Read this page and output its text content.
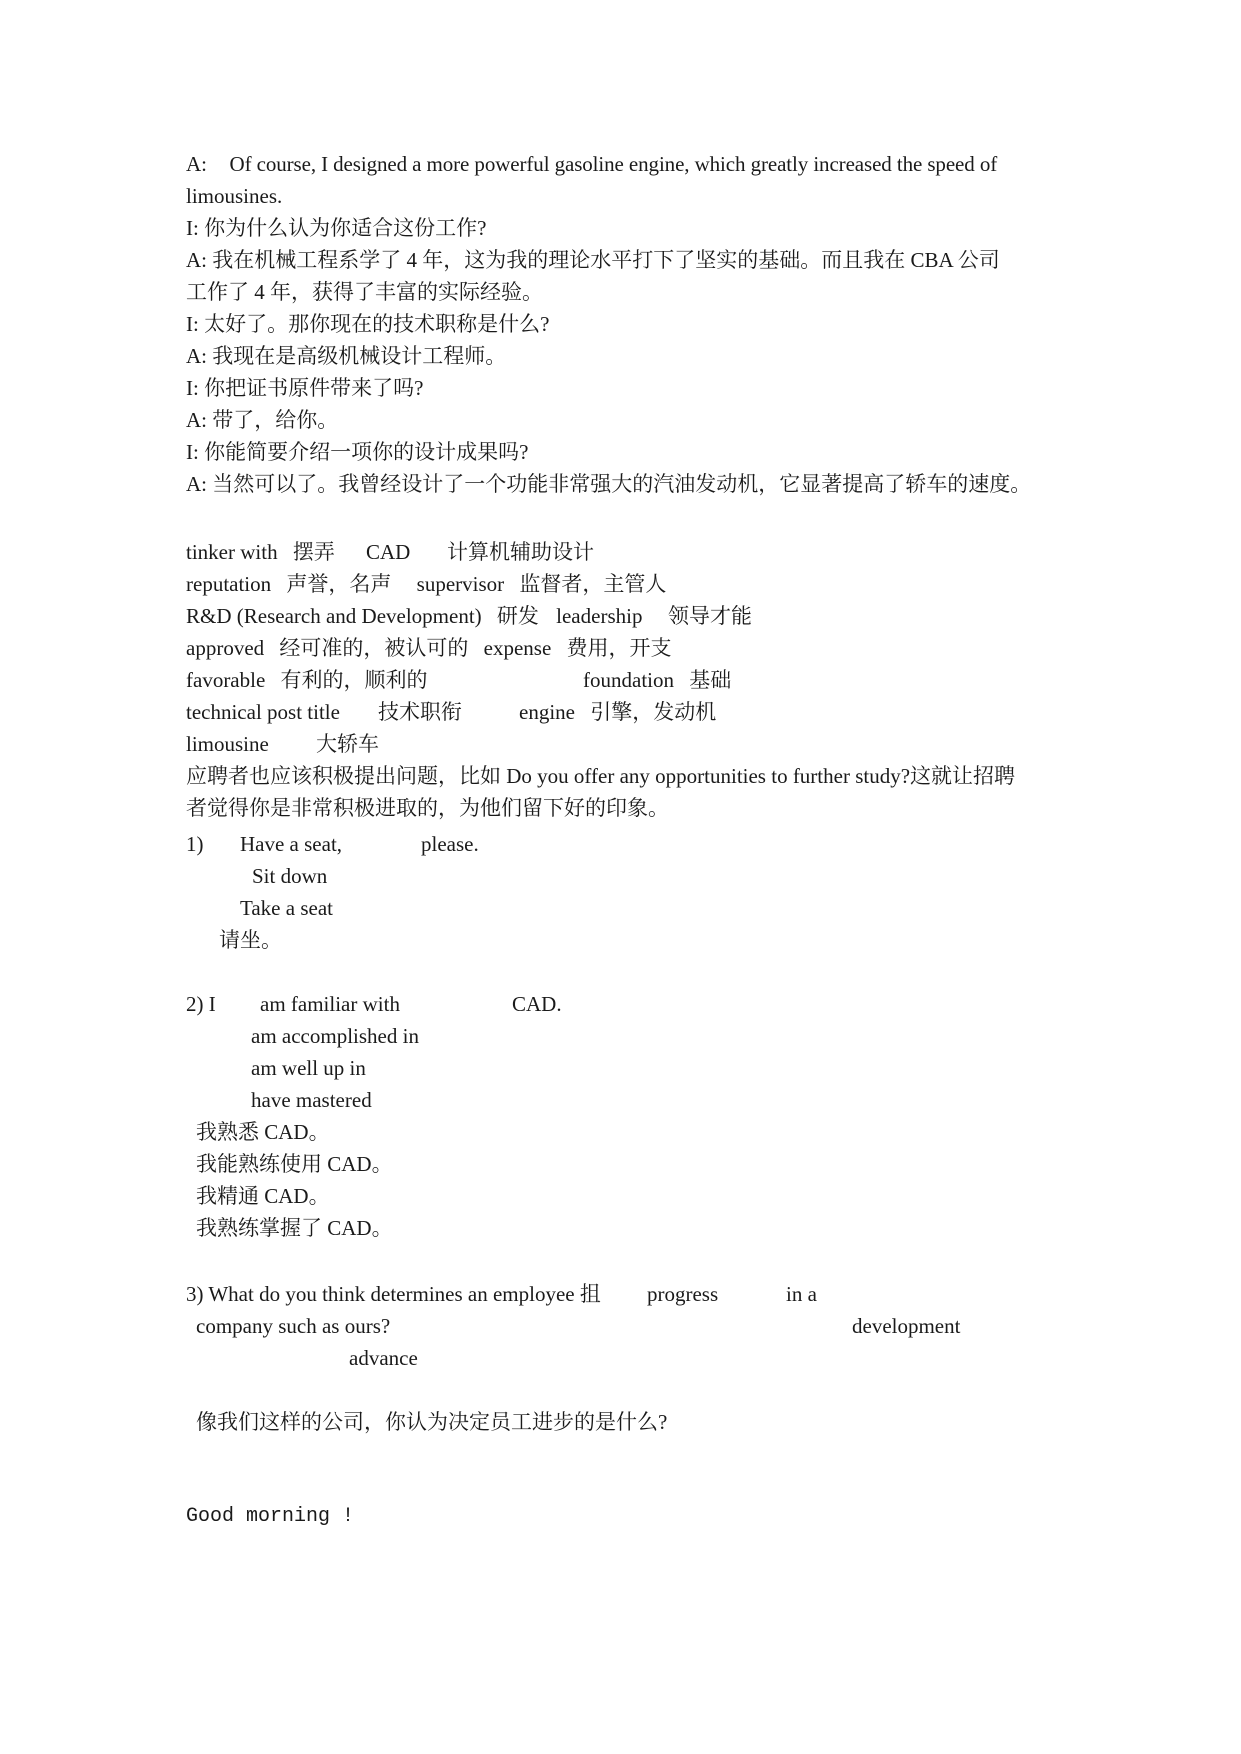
A: Of course, I designed a more powerful gasoline engine, which greatly increased the speed of
limousines.
I: 你为什么认为你适合这份工作?
A: 我在机械工程系学了 4 年，这为我的理论水平打下了坚实的基础。而且我在 CBA 公司
工作了 4 年，获得了丰富的实际经验。
I: 太好了。那你现在的技术职称是什么?
A: 我现在是高级机械设计工程师。
I: 你把证书原件带来了吗?
A: 带了，给你。
I: 你能简要介绍一项你的设计成果吗?
A: 当然可以了。我曾经设计了一个功能非常强大的汽油发动机，它显著提高了轿车的速度。
tinker with 摆弄 CAD 计算机辅助设计
reputation 声誉，名声 supervisor 监督者，主管人
R&D (Research and Development) 研发 leadership 领导才能
approved 经可准的，被认可的 expense 费用，开支
favorable 有利的，顺利的	foundation 基础
technical post title 技术职衔	engine 引擎，发动机
limousine 大轿车
应聘者也应该积极提出问题，比如 Do you offer any opportunities to further study?这就让招聘
者觉得你是非常积极进取的，为他们留下好的印象。
1) Have a seat,	please.
Sit down
Take a seat
请坐。
2) I am familiar with	CAD.
am accomplished in
am well up in
have mastered
我熟悉 CAD。
我能熟练使用 CAD。
我精通 CAD。
我熟练掌握了 CAD。
3) What do you think determines an employee 抯 progress	in a
company such as ours?	development
advance
像我们这样的公司，你认为决定员工进步的是什么?
Good morning !
